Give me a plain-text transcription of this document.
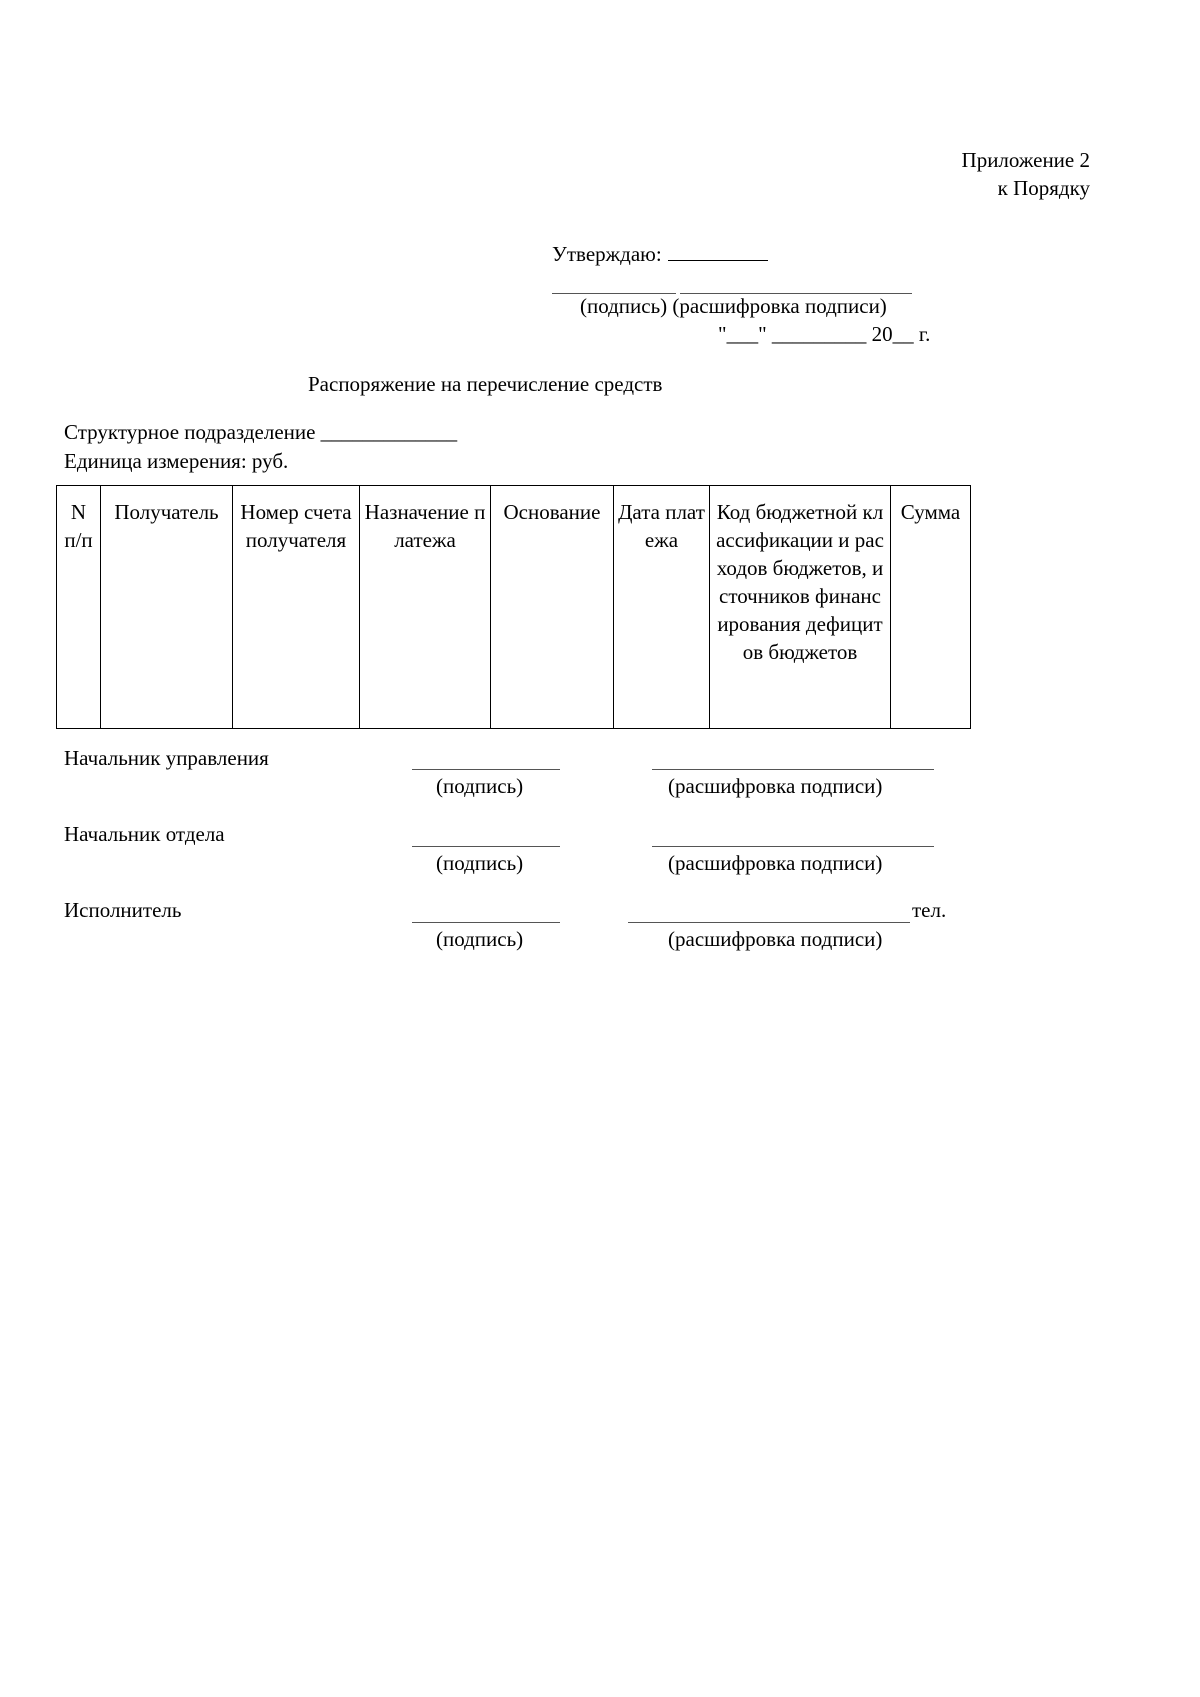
Приложение 2
к Порядку
Утверждаю:
(подпись) (расшифровка подписи)
"___" _________ 20__ г.
Распоряжение на перечисление средств
Структурное подразделение _____________
Единица измерения: руб.
N п/п	Получатель	Номер счета получателя	Назначение платежа	Основание	Дата платежа	Код бюджетной классификации и расходов бюджетов, источников финансирования дефицитов бюджетов	Сумма
Начальник управления
(подпись)	(расшифровка подписи)
Начальник отдела
(подпись)	(расшифровка подписи)
Исполнитель	тел.
(подпись)	(расшифровка подписи)
